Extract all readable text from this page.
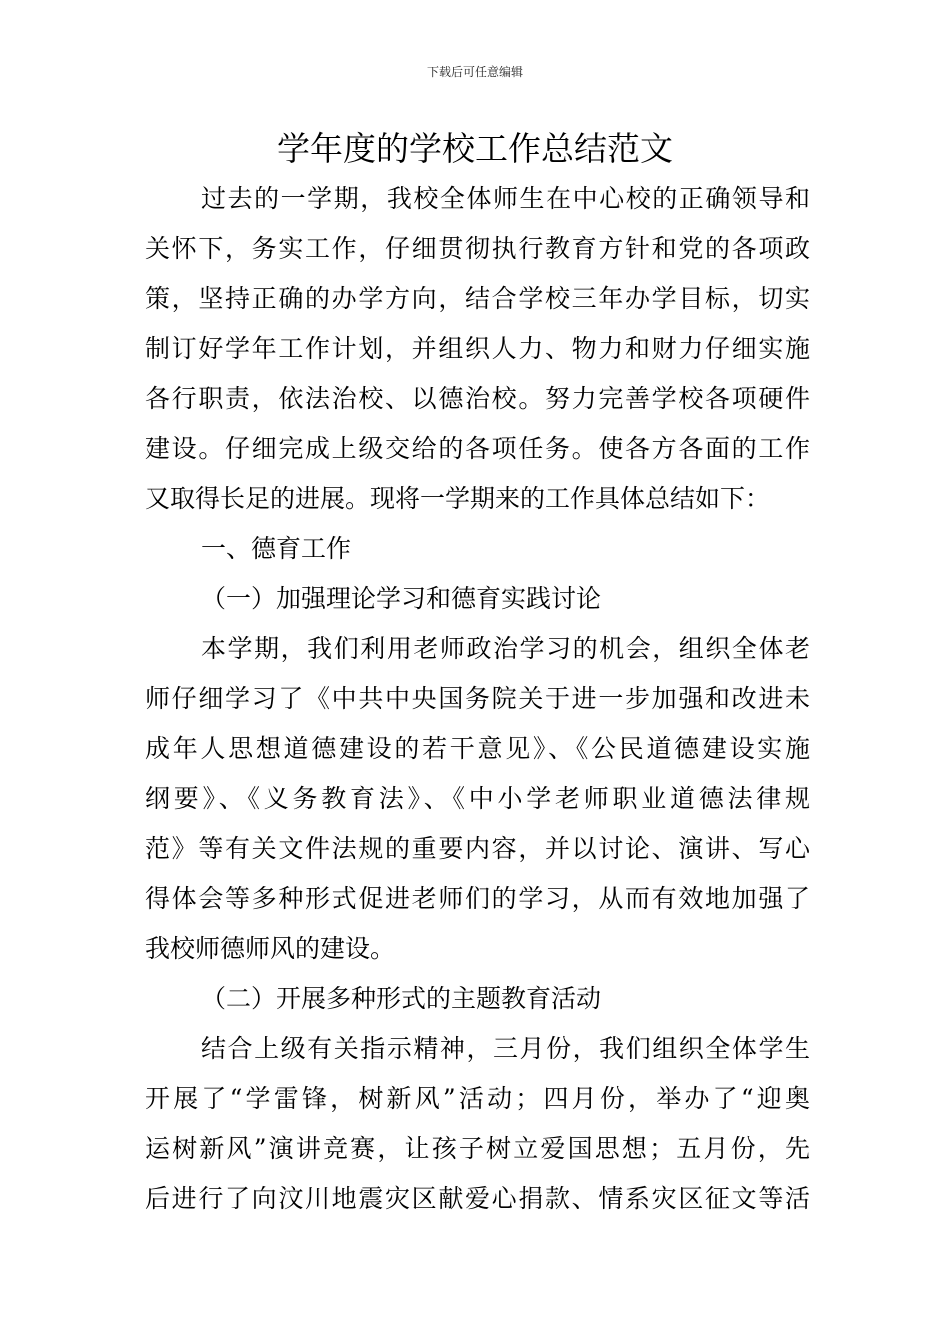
下载后可任意编辑
学年度的学校工作总结范文
过去的一学期，我校全体师生在中心校的正确领导和
关怀下，务实工作，仔细贯彻执行教育方针和党的各项政
策，坚持正确的办学方向，结合学校三年办学目标，切实
制订好学年工作计划，并组织人力、物力和财力仔细实施
各行职责，依法治校、以德治校。努力完善学校各项硬件
建设。仔细完成上级交给的各项任务。使各方各面的工作
又取得长足的进展。现将一学期来的工作具体总结如下：
一、德育工作
（一）加强理论学习和德育实践讨论
本学期，我们利用老师政治学习的机会，组织全体老
师仔细学习了《中共中央国务院关于进一步加强和改进未
成年人思想道德建设的若干意见》、《公民道德建设实施
纲要》、《义务教育法》、《中小学老师职业道德法律规
范》等有关文件法规的重要内容，并以讨论、演讲、写心
得体会等多种形式促进老师们的学习，从而有效地加强了
我校师德师风的建设。
（二）开展多种形式的主题教育活动
结合上级有关指示精神，三月份，我们组织全体学生
开展了“学雷锋，树新风”活动；四月份，举办了“迎奥
运树新风”演讲竞赛，让孩子树立爱国思想；五月份，先
后进行了向汶川地震灾区献爱心捐款、情系灾区征文等活
